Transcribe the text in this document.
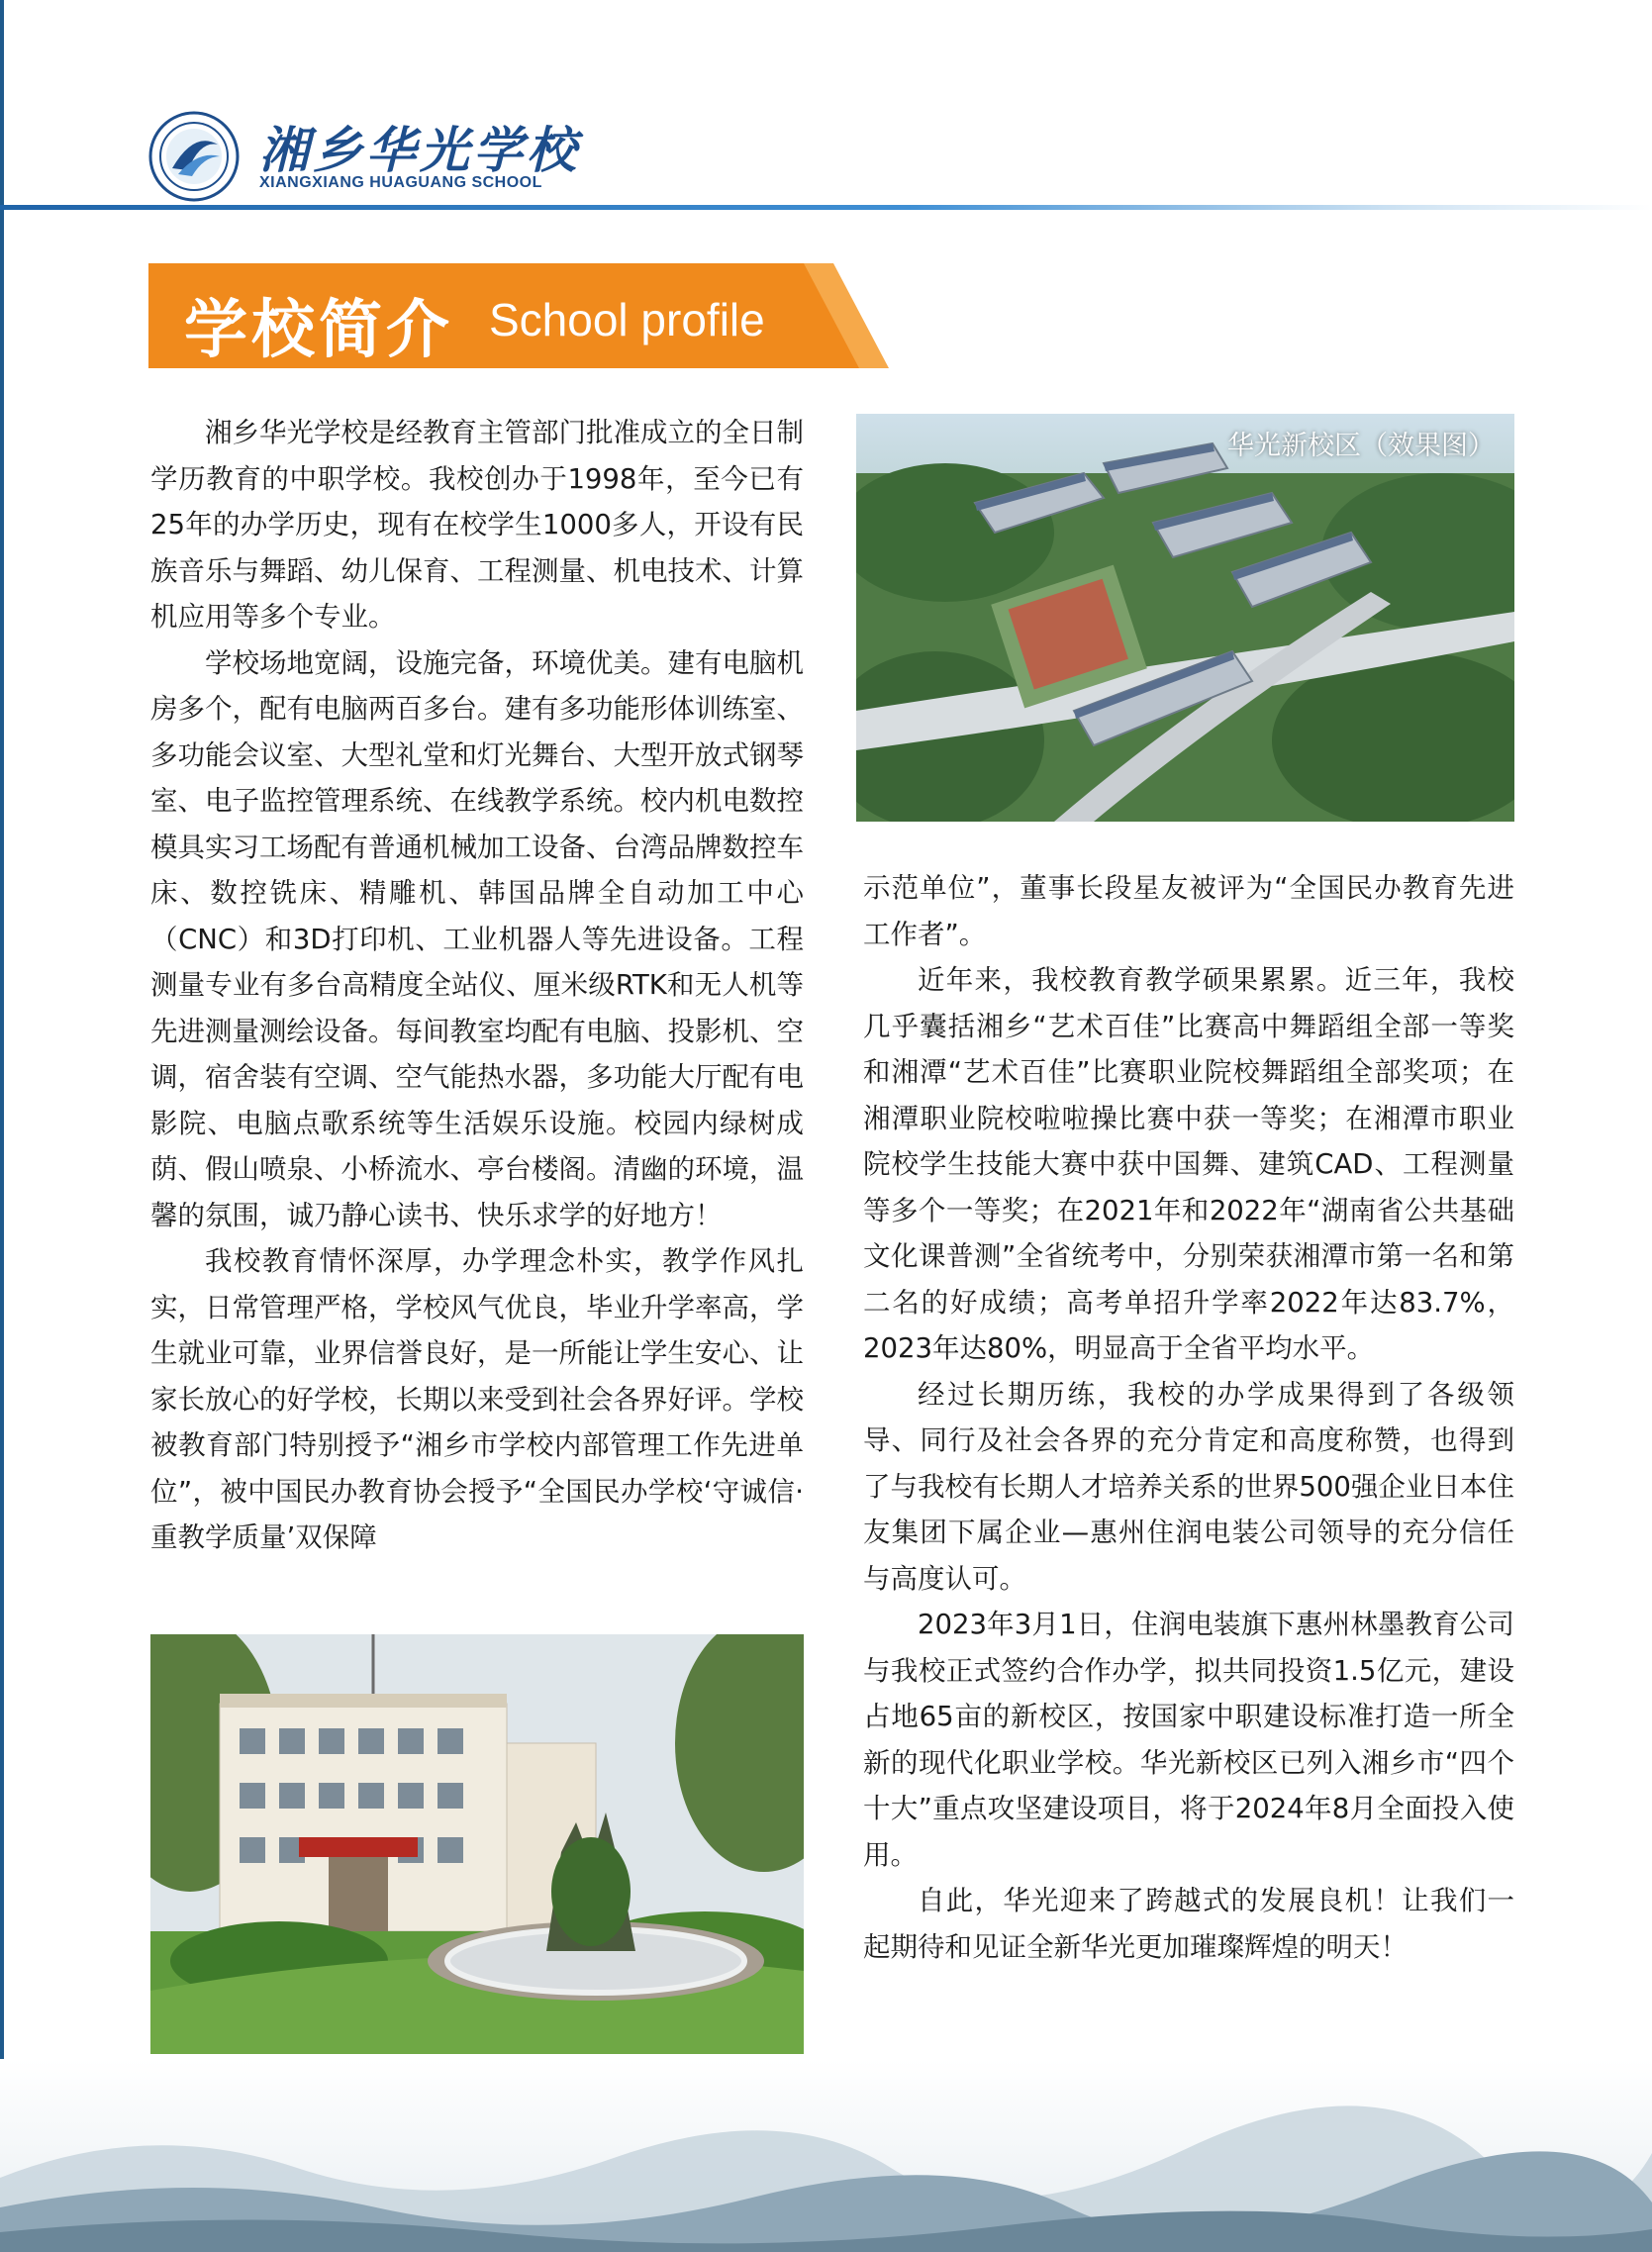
湘乡华光学校
XIANGXIANG HUAGUANG SCHOOL
学校简介 School profile

湘乡华光学校是经教育主管部门批准成立的全日制学历教育的中职学校。我校创办于1998年，至今已有25年的办学历史，现有在校学生1000多人，开设有民族音乐与舞蹈、幼儿保育、工程测量、机电技术、计算机应用等多个专业。

学校场地宽阔，设施完备，环境优美。建有电脑机房多个，配有电脑两百多台。建有多功能形体训练室、多功能会议室、大型礼堂和灯光舞台、大型开放式钢琴室、电子监控管理系统、在线教学系统。校内机电数控模具实习工场配有普通机械加工设备、台湾品牌数控车床、数控铣床、精雕机、韩国品牌全自动加工中心（CNC）和3D打印机、工业机器人等先进设备。工程测量专业有多台高精度全站仪、厘米级RTK和无人机等先进测量测绘设备。每间教室均配有电脑、投影机、空调，宿舍装有空调、空气能热水器，多功能大厅配有电影院、电脑点歌系统等生活娱乐设施。校园内绿树成荫、假山喷泉、小桥流水、亭台楼阁。清幽的环境，温馨的氛围，诚乃静心读书、快乐求学的好地方！

我校教育情怀深厚，办学理念朴实，教学作风扎实，日常管理严格，学校风气优良，毕业升学率高，学生就业可靠，业界信誉良好，是一所能让学生安心、让家长放心的好学校，长期以来受到社会各界好评。学校被教育部门特别授予“湘乡市学校内部管理工作先进单位”，被中国民办教育协会授予“全国民办学校‘守诚信·重教学质量’双保障

华光新校区（效果图）

示范单位”，董事长段星友被评为“全国民办教育先进工作者”。

近年来，我校教育教学硕果累累。近三年，我校几乎囊括湘乡“艺术百佳”比赛高中舞蹈组全部一等奖和湘潭“艺术百佳”比赛职业院校舞蹈组全部奖项；在湘潭职业院校啦啦操比赛中获一等奖；在湘潭市职业院校学生技能大赛中获中国舞、建筑CAD、工程测量等多个一等奖；在2021年和2022年“湖南省公共基础文化课普测”全省统考中，分别荣获湘潭市第一名和第二名的好成绩；高考单招升学率2022年达83.7%，2023年达80%，明显高于全省平均水平。

经过长期历练，我校的办学成果得到了各级领导、同行及社会各界的充分肯定和高度称赞，也得到了与我校有长期人才培养关系的世界500强企业日本住友集团下属企业—惠州住润电装公司领导的充分信任与高度认可。

2023年3月1日，住润电装旗下惠州林墨教育公司与我校正式签约合作办学，拟共同投资1.5亿元，建设占地65亩的新校区，按国家中职建设标准打造一所全新的现代化职业学校。华光新校区已列入湘乡市“四个十大”重点攻坚建设项目，将于2024年8月全面投入使用。

自此，华光迎来了跨越式的发展良机！让我们一起期待和见证全新华光更加璀璨辉煌的明天！
